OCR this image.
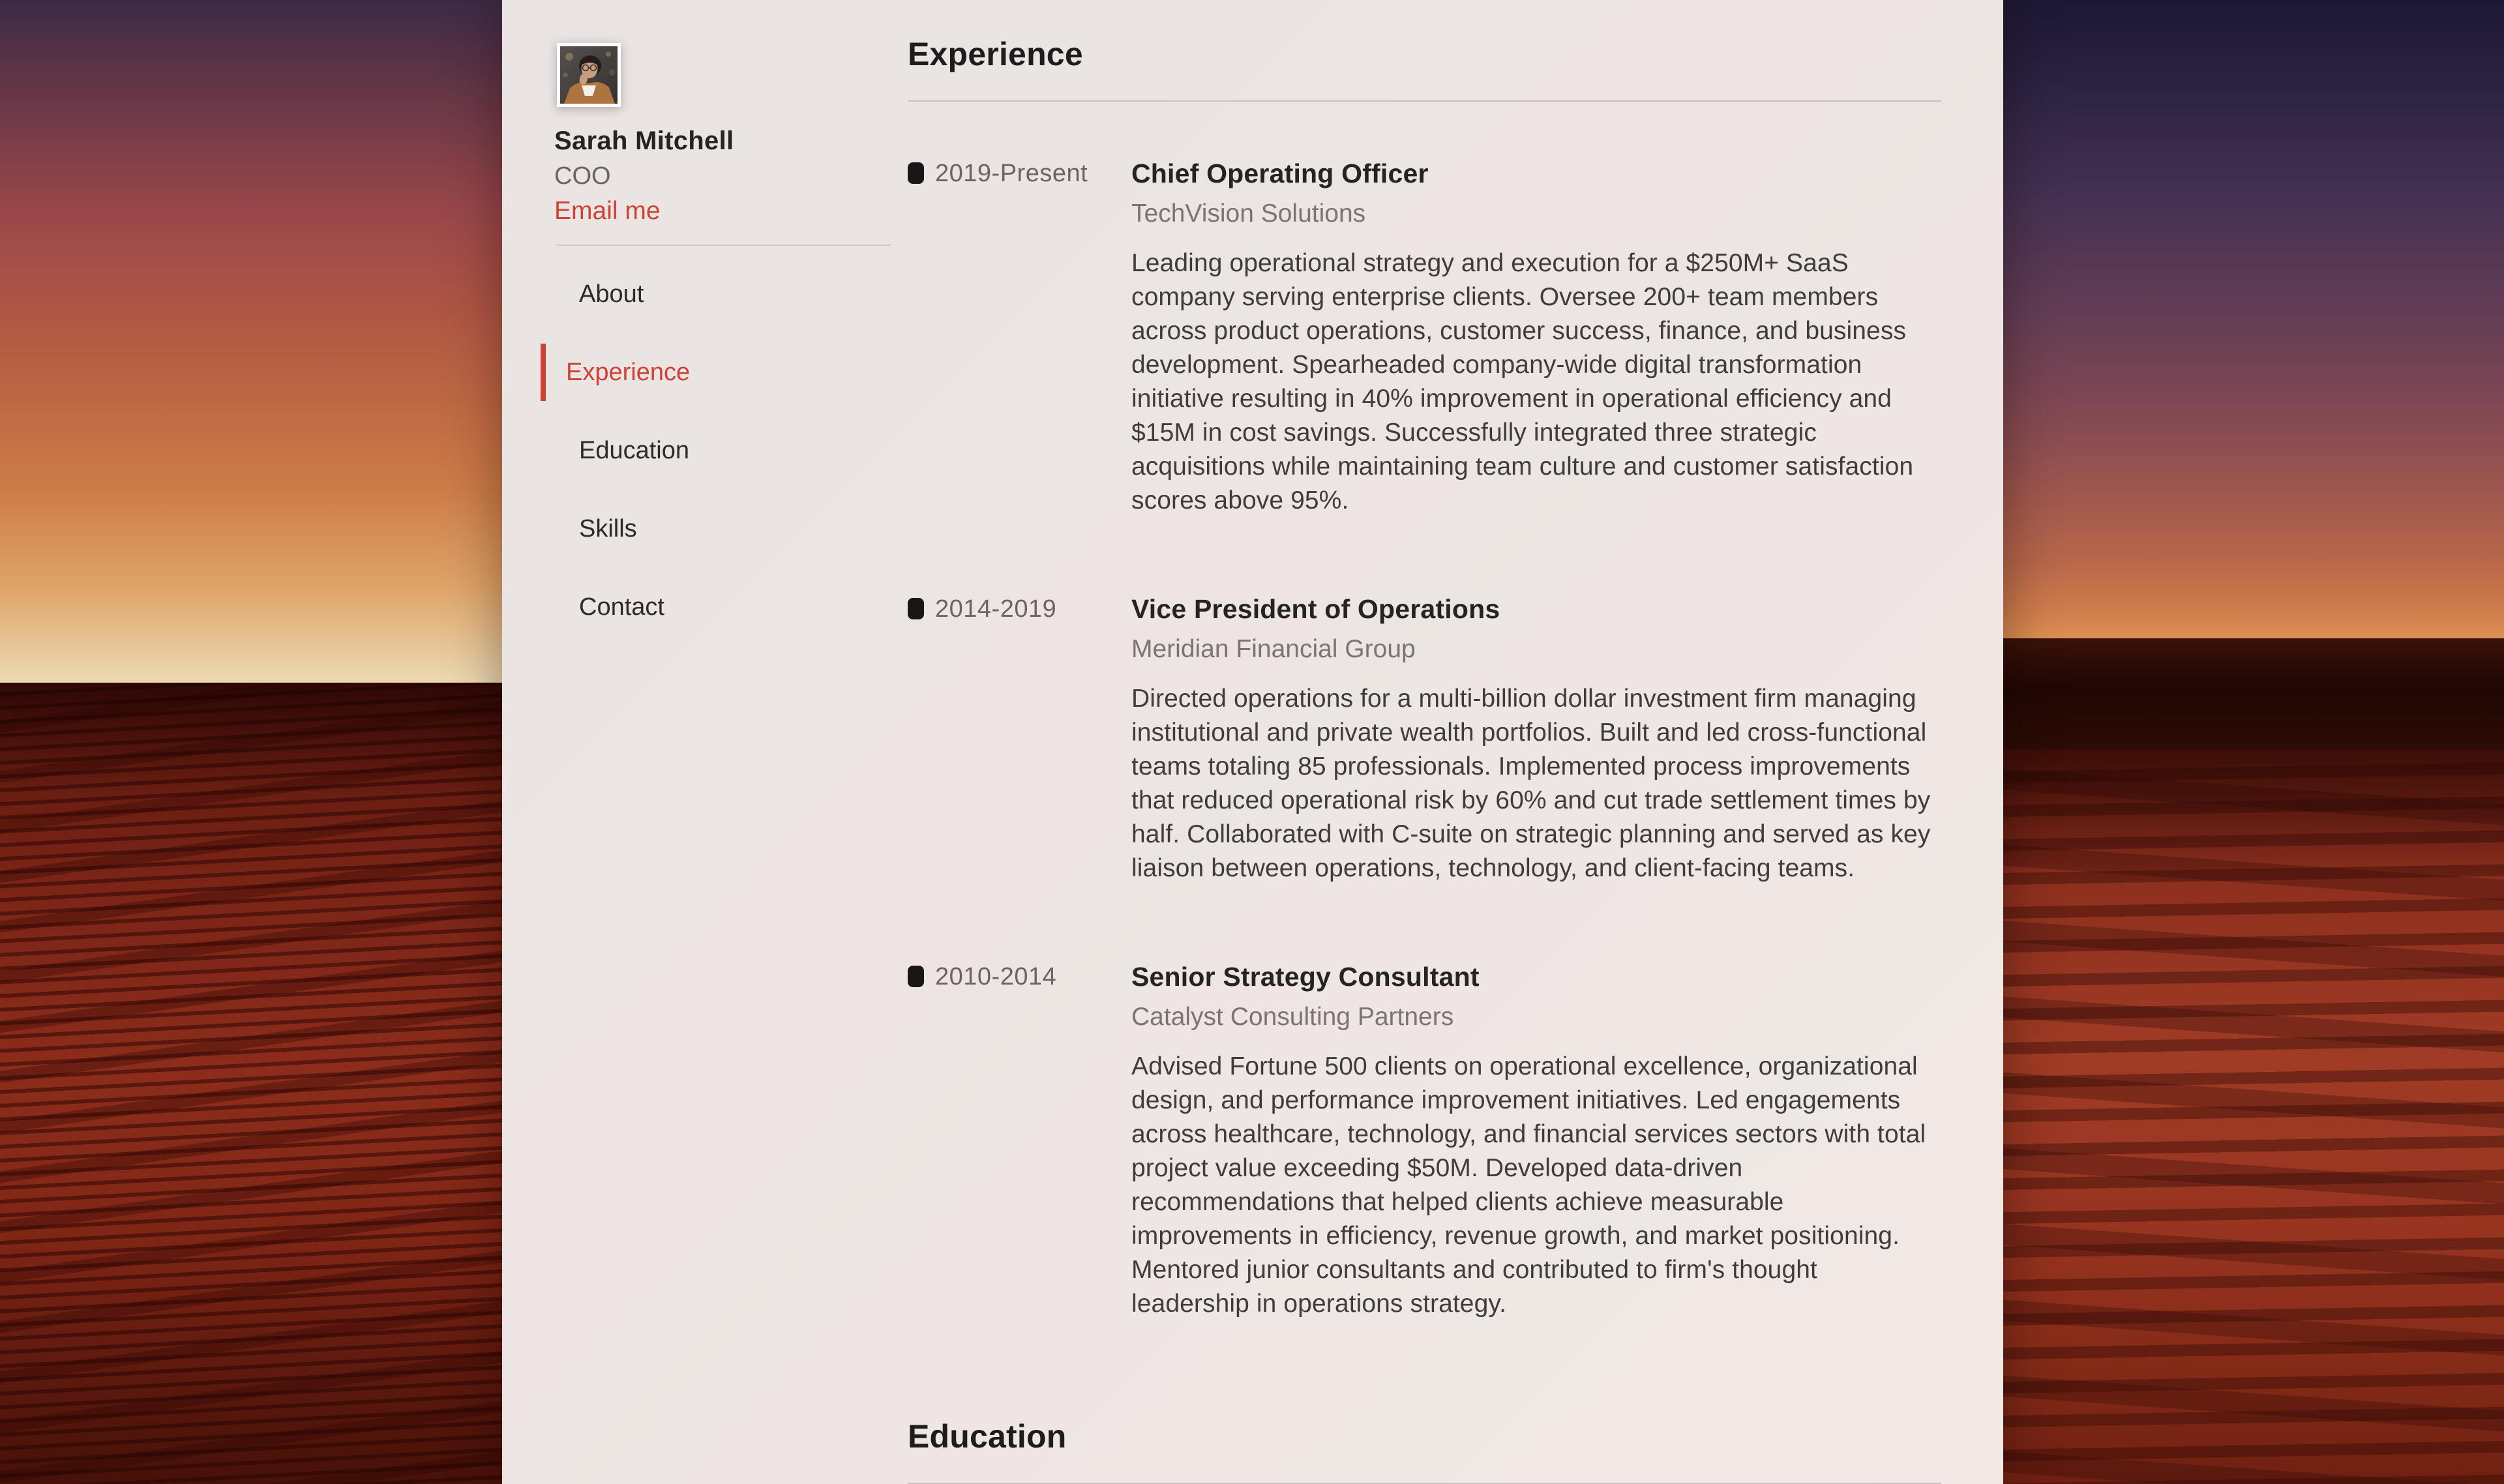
Sarah Mitchell
COO
Email me
About
Experience
Education
Skills
Contact
Experience
2019-Present Chief Operating Officer
TechVision Solutions

Leading operational strategy and execution for a $250M+ SaaS company serving enterprise clients. Oversee 200+ team members across product operations, customer success, finance, and business development. Spearheaded company-wide digital transformation initiative resulting in 40% improvement in operational efficiency and $15M in cost savings. Successfully integrated three strategic acquisitions while maintaining team culture and customer satisfaction scores above 95%.

2014-2019	Vice President of Operations
Meridian Financial Group

Directed operations for a multi-billion dollar investment firm managing institutional and private wealth portfolios. Built and led cross-functional teams totaling 85 professionals. Implemented process improvements that reduced operational risk by 60% and cut trade settlement times by half. Collaborated with C-suite on strategic planning and served as key liaison between operations, technology, and client-facing teams.

2010-2014	Senior Strategy Consultant
Catalyst Consulting Partners

Advised Fortune 500 clients on operational excellence, organizational design, and performance improvement initiatives. Led engagements across healthcare, technology, and financial services sectors with total project value exceeding $50M. Developed data-driven recommendations that helped clients achieve measurable improvements in efficiency, revenue growth, and market positioning. Mentored junior consultants and contributed to firm's thought leadership in operations strategy.

Education
